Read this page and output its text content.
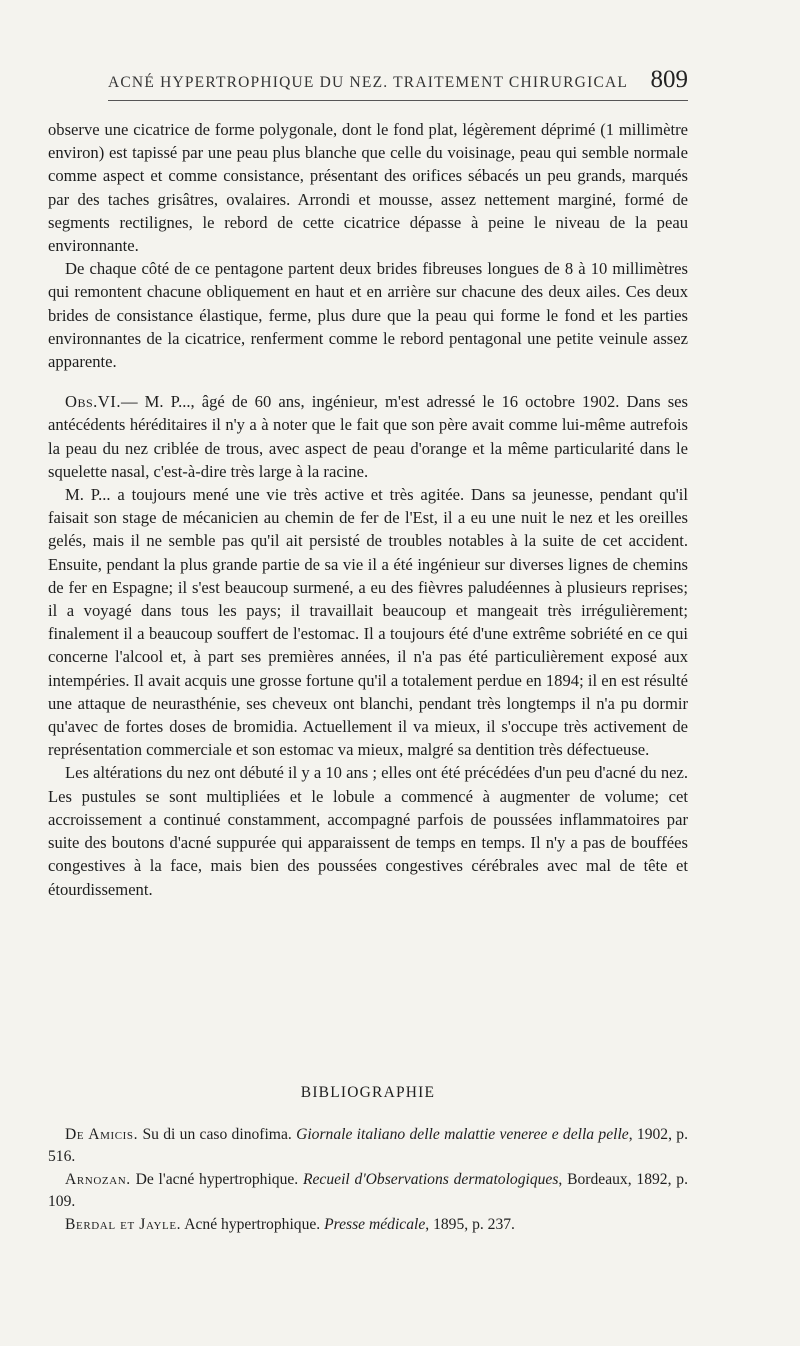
ACNÉ HYPERTROPHIQUE DU NEZ. TRAITEMENT CHIRURGICAL 809

observe une cicatrice de forme polygonale, dont le fond plat, légèrement déprimé (1 millimètre environ) est tapissé par une peau plus blanche que celle du voisinage, peau qui semble normale comme aspect et comme consistance, présentant des orifices sébacés un peu grands, marqués par des taches grisâtres, ovalaires. Arrondi et mousse, assez nettement marginé, formé de segments rectilignes, le rebord de cette cicatrice dépasse à peine le niveau de la peau environnante.

De chaque côté de ce pentagone partent deux brides fibreuses longues de 8 à 10 millimètres qui remontent chacune obliquement en haut et en arrière sur chacune des deux ailes. Ces deux brides de consistance élastique, ferme, plus dure que la peau qui forme le fond et les parties environnantes de la cicatrice, renferment comme le rebord pentagonal une petite veinule assez apparente.

Obs.VI.— M. P..., âgé de 60 ans, ingénieur, m'est adressé le 16 octobre 1902. Dans ses antécédents héréditaires il n'y a à noter que le fait que son père avait comme lui-même autrefois la peau du nez criblée de trous, avec aspect de peau d'orange et la même particularité dans le squelette nasal, c'est-à-dire très large à la racine.

M. P... a toujours mené une vie très active et très agitée. Dans sa jeunesse, pendant qu'il faisait son stage de mécanicien au chemin de fer de l'Est, il a eu une nuit le nez et les oreilles gelés, mais il ne semble pas qu'il ait persisté de troubles notables à la suite de cet accident. Ensuite, pendant la plus grande partie de sa vie il a été ingénieur sur diverses lignes de chemins de fer en Espagne; il s'est beaucoup surmené, a eu des fièvres paludéennes à plusieurs reprises; il a voyagé dans tous les pays; il travaillait beaucoup et mangeait très irrégulièrement; finalement il a beaucoup souffert de l'estomac. Il a toujours été d'une extrême sobriété en ce qui concerne l'alcool et, à part ses premières années, il n'a pas été particulièrement exposé aux intempéries. Il avait acquis une grosse fortune qu'il a totalement perdue en 1894; il en est résulté une attaque de neurasthénie, ses cheveux ont blanchi, pendant très longtemps il n'a pu dormir qu'avec de fortes doses de bromidia. Actuellement il va mieux, il s'occupe très activement de représentation commerciale et son estomac va mieux, malgré sa dentition très défectueuse.

Les altérations du nez ont débuté il y a 10 ans ; elles ont été précédées d'un peu d'acné du nez. Les pustules se sont multipliées et le lobule a commencé à augmenter de volume; cet accroissement a continué constamment, accompagné parfois de poussées inflammatoires par suite des boutons d'acné suppurée qui apparaissent de temps en temps. Il n'y a pas de bouffées congestives à la face, mais bien des poussées congestives cérébrales avec mal de tête et étourdissement.

BIBLIOGRAPHIE

De Amicis. Su di un caso dinofima. Giornale italiano delle malattie veneree e della pelle, 1902, p. 516.

Arnozan. De l'acné hypertrophique. Recueil d'Observations dermatologiques, Bordeaux, 1892, p. 109.

Berdal et Jayle. Acné hypertrophique. Presse médicale, 1895, p. 237.
